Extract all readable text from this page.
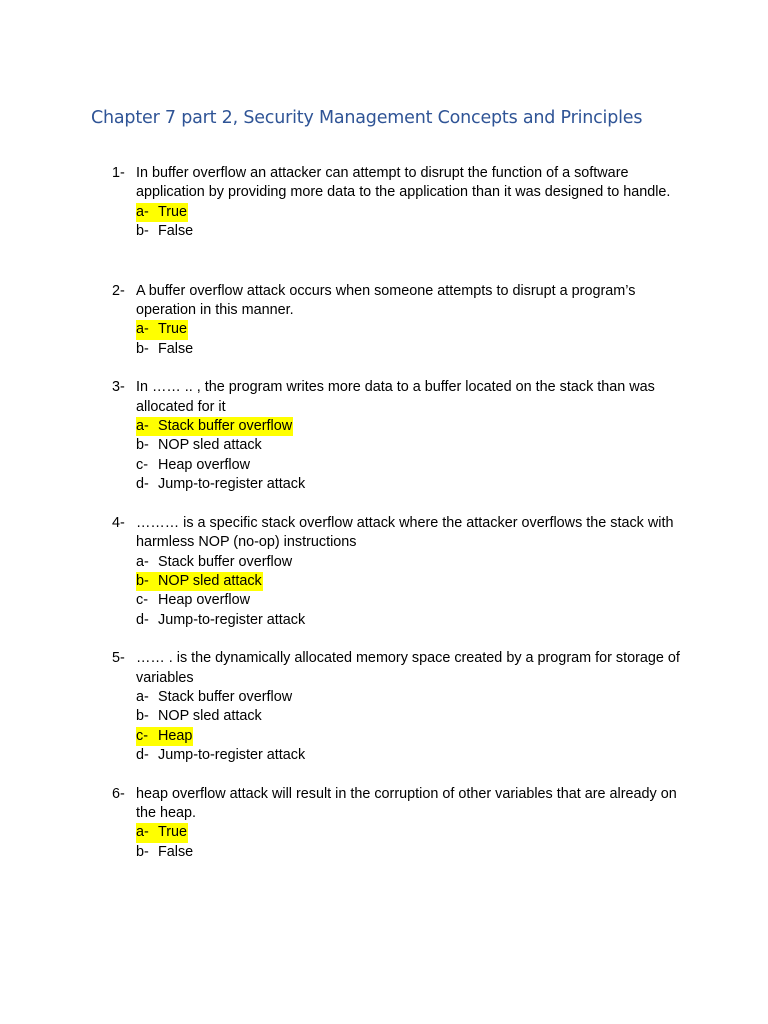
Chapter 7 part 2, Security Management Concepts and Principles
1- In buffer overflow an attacker can attempt to disrupt the function of a software application by providing more data to the application than it was designed to handle.
a- True
b- False
2- A buffer overflow attack occurs when someone attempts to disrupt a program’s operation in this manner.
a- True
b- False
3- In …… .. , the program writes more data to a buffer located on the stack than was allocated for it
a- Stack buffer overflow
b- NOP sled attack
c- Heap overflow
d- Jump-to-register attack
4- ……… is a specific stack overflow attack where the attacker overflows the stack with harmless NOP (no-op) instructions
a- Stack buffer overflow
b- NOP sled attack
c- Heap overflow
d- Jump-to-register attack
5- …… . is the dynamically allocated memory space created by a program for storage of variables
a- Stack buffer overflow
b- NOP sled attack
c- Heap
d- Jump-to-register attack
6- heap overflow attack will result in the corruption of other variables that are already on the heap.
a- True
b- False
